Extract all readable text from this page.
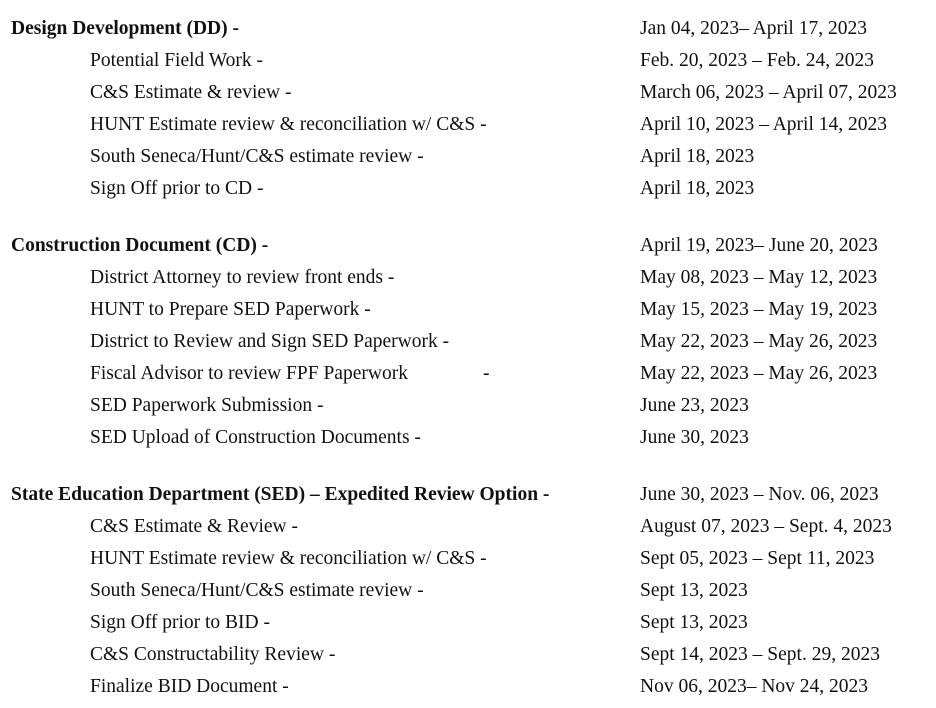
Design Development (DD) -	Jan 04, 2023– April 17, 2023
Potential Field Work -	Feb. 20, 2023 – Feb. 24, 2023
C&S Estimate & review -	March 06, 2023 – April 07, 2023
HUNT Estimate review & reconciliation w/ C&S -	April 10, 2023 – April 14, 2023
South Seneca/Hunt/C&S estimate review -	April 18, 2023
Sign Off prior to CD -	April 18, 2023
Construction Document (CD) -	April 19, 2023– June 20, 2023
District Attorney to review front ends -	May 08, 2023 – May 12, 2023
HUNT to Prepare SED Paperwork -	May 15, 2023 – May 19, 2023
District to Review and Sign SED Paperwork -	May 22, 2023 – May 26, 2023
Fiscal Advisor to review FPF Paperwork	-	May 22, 2023 – May 26, 2023
SED Paperwork Submission -	June 23, 2023
SED Upload of Construction Documents -	June 30, 2023
State Education Department (SED) – Expedited Review Option -	June 30, 2023 – Nov. 06, 2023
C&S Estimate & Review -	August 07, 2023 – Sept. 4, 2023
HUNT Estimate review & reconciliation w/ C&S -	Sept 05, 2023 – Sept 11, 2023
South Seneca/Hunt/C&S estimate review -	Sept 13, 2023
Sign Off prior to BID -	Sept 13, 2023
C&S Constructability Review -	Sept 14, 2023 – Sept. 29, 2023
Finalize BID Document -	Nov 06, 2023– Nov 24, 2023
